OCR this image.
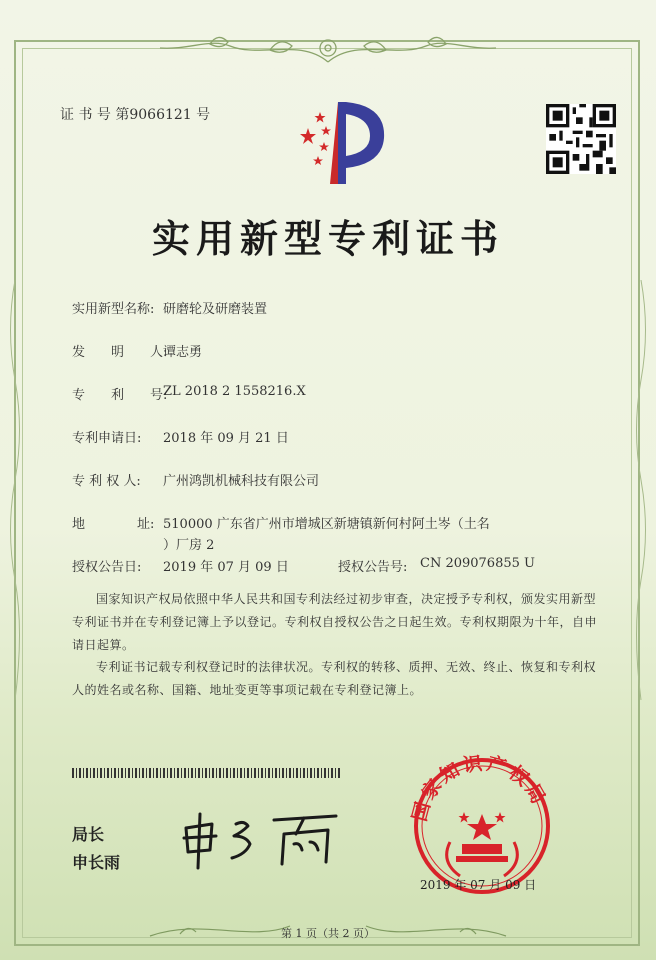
证 书 号 第9066121 号
实用新型专利证书
实用新型名称: 研磨轮及研磨装置
发　　明　　人:
谭志勇
专　　利　　号:
ZL 2018 2 1558216.X
专利申请日: 2018 年 09 月 21 日
专 利 权 人: 广州鸿凯机械科技有限公司
地　　　　址: 510000 广东省广州市增城区新塘镇新何村阿土岑（土名
）厂房 2
授权公告日: 2019 年 07 月 09 日	授权公告号: CN 209076855 U
国家知识产权局依照中华人民共和国专利法经过初步审查，决定授予专利权，颁发实用新型专利证书并在专利登记簿上予以登记。专利权自授权公告之日起生效。专利权期限为十年，自申请日起算。
专利证书记载专利权登记时的法律状况。专利权的转移、质押、无效、终止、恢复和专利权人的姓名或名称、国籍、地址变更等事项记载在专利登记簿上。
局长
申长雨
国家知识产权局
2019 年 07 月 09 日
第 1 页（共 2 页）
